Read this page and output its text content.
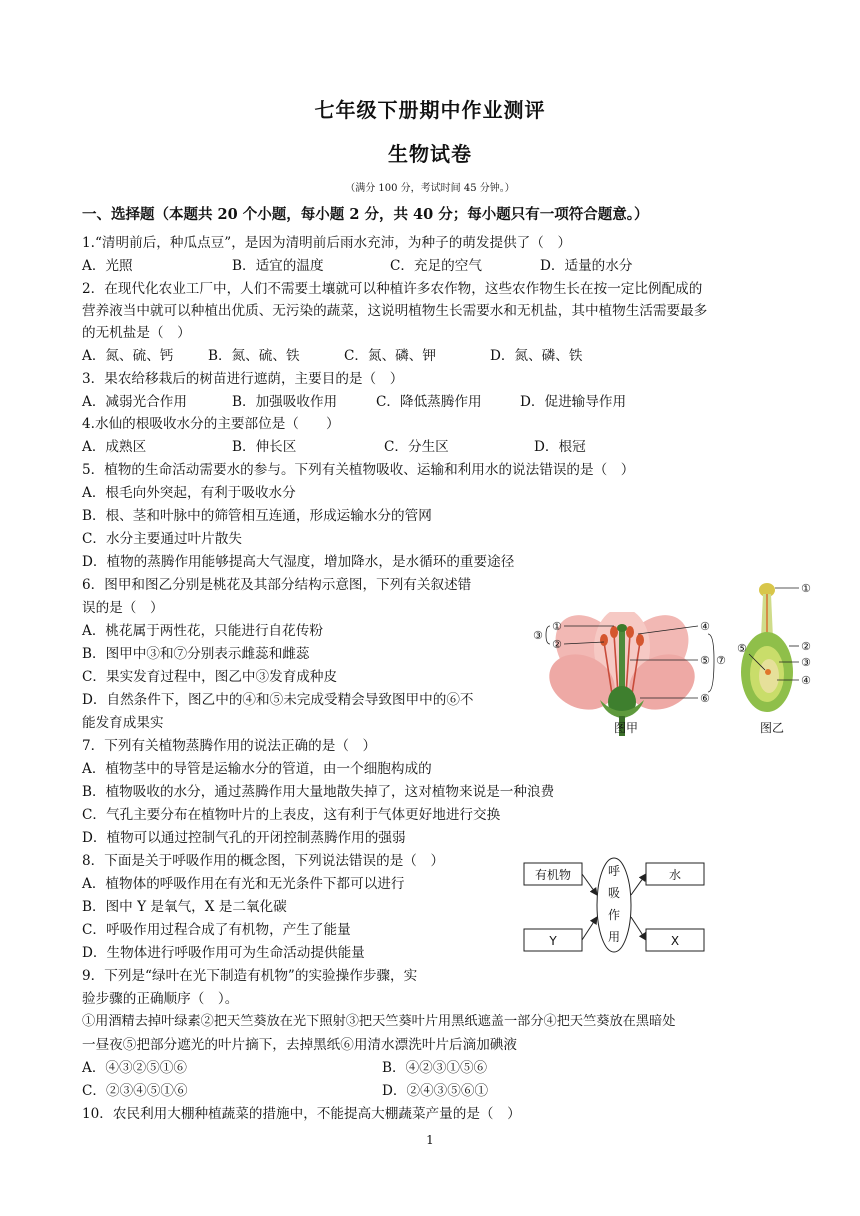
七年级下册期中作业测评
生物试卷
（满分 100 分，考试时间 45 分钟。）
一、选择题（本题共 20 个小题，每小题 2 分，共 40 分；每小题只有一项符合题意。）
1.“清明前后，种瓜点豆”，是因为清明前后雨水充沛，为种子的萌发提供了（　）
A．光照	B．适宜的温度	C．充足的空气	D．适量的水分
2．在现代化农业工厂中，人们不需要土壤就可以种植许多农作物，这些农作物生长在按一定比例配成的
营养液当中就可以种植出优质、无污染的蔬菜，这说明植物生长需要水和无机盐，其中植物生活需要最多
的无机盐是（　）
A．氮、硫、钙	B．氮、硫、铁	C．氮、磷、钾	D．氮、磷、铁
3．果农给移栽后的树苗进行遮荫，主要目的是（　）
A．减弱光合作用	B．加强吸收作用	C．降低蒸腾作用	D．促进输导作用
4.水仙的根吸收水分的主要部位是（　　）
A．成熟区	B．伸长区	C．分生区	D．根冠
5．植物的生命活动需要水的参与。下列有关植物吸收、运输和利用水的说法错误的是（　）
A．根毛向外突起，有利于吸收水分
B．根、茎和叶脉中的筛管相互连通，形成运输水分的管网
C．水分主要通过叶片散失
D．植物的蒸腾作用能够提高大气湿度，增加降水，是水循环的重要途径
6．图甲和图乙分别是桃花及其部分结构示意图，下列有关叙述错
误的是（　）
A．桃花属于两性花，只能进行自花传粉
B．图甲中③和⑦分别表示雌蕊和雌蕊
C．果实发育过程中，图乙中③发育成种皮
D．自然条件下，图乙中的④和⑤未完成受精会导致图甲中的⑥不
能发育成果实
③
①
②
④
⑤ ⑦
⑥
图甲
①
②
⑤
③
④
图乙
7．下列有关植物蒸腾作用的说法正确的是（　）
A．植物茎中的导管是运输水分的管道，由一个细胞构成的
B．植物吸收的水分，通过蒸腾作用大量地散失掉了，这对植物来说是一种浪费
C．气孔主要分布在植物叶片的上表皮，这有利于气体更好地进行交换
D．植物可以通过控制气孔的开闭控制蒸腾作用的强弱
8．下面是关于呼吸作用的概念图，下列说法错误的是（　）
A．植物体的呼吸作用在有光和无光条件下都可以进行
B．图中 Y 是氧气，X 是二氧化碳
C．呼吸作用过程合成了有机物，产生了能量
D．生物体进行呼吸作用可为生命活动提供能量
有机物
Y
水
X
呼
吸
作
用
9．下列是“绿叶在光下制造有机物”的实验操作步骤，实
验步骤的正确顺序（　）。
①用酒精去掉叶绿素②把天竺葵放在光下照射③把天竺葵叶片用黑纸遮盖一部分④把天竺葵放在黑暗处
一昼夜⑤把部分遮光的叶片摘下，去掉黑纸⑥用清水漂洗叶片后滴加碘液
A．④③②⑤①⑥	B．④②③①⑤⑥
C．②③④⑤①⑥	D．②④③⑤⑥①
10．农民利用大棚种植蔬菜的措施中，不能提高大棚蔬菜产量的是（　）
1
